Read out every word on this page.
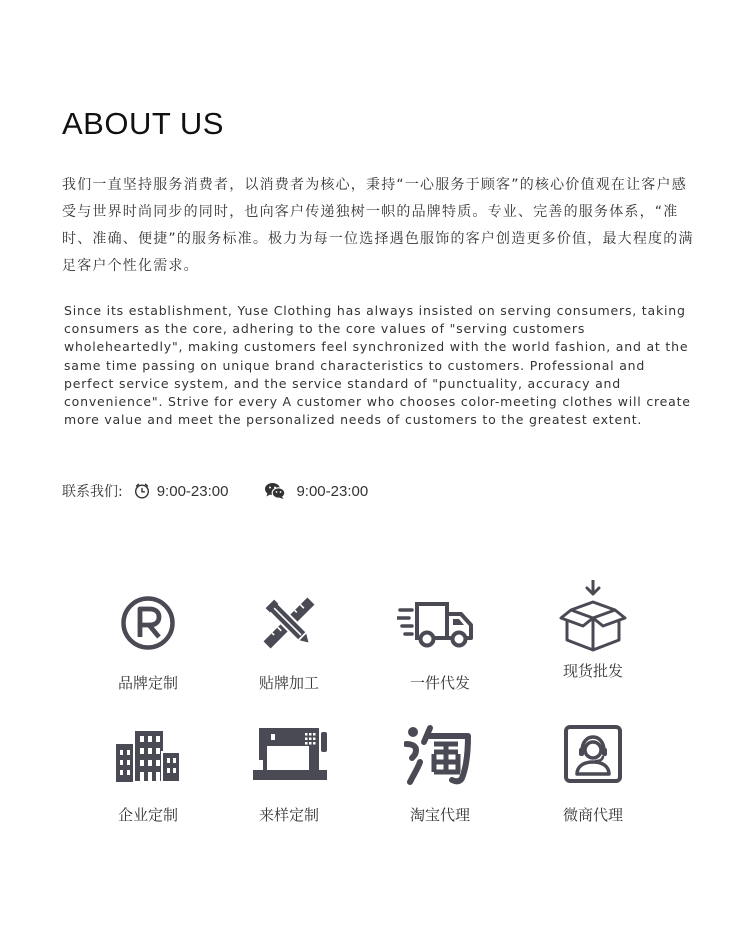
ABOUT US

我们一直坚持服务消费者，以消费者为核心，秉持“一心服务于顾客”的核心价值观在让客户感受与世界时尚同步的同时，也向客户传递独树一帜的品牌特质。专业、完善的服务体系，“准时、准确、便捷”的服务标准。极力为每一位选择遇色服饰的客户创造更多价值，最大程度的满足客户个性化需求。

Since its establishment, Yuse Clothing has always insisted on serving consumers, taking consumers as the core, adhering to the core values of "serving customers wholeheartedly", making customers feel synchronized with the world fashion, and at the same time passing on unique brand characteristics to customers. Professional and perfect service system, and the service standard of "punctuality, accuracy and convenience". Strive for every A customer who chooses color-meeting clothes will create more value and meet the personalized needs of customers to the greatest extent.

联系我们: 9:00-23:00	9:00-23:00
品牌定制	贴牌加工	一件代发
现货批发
企业定制	来样定制	淘宝代理	微商代理
